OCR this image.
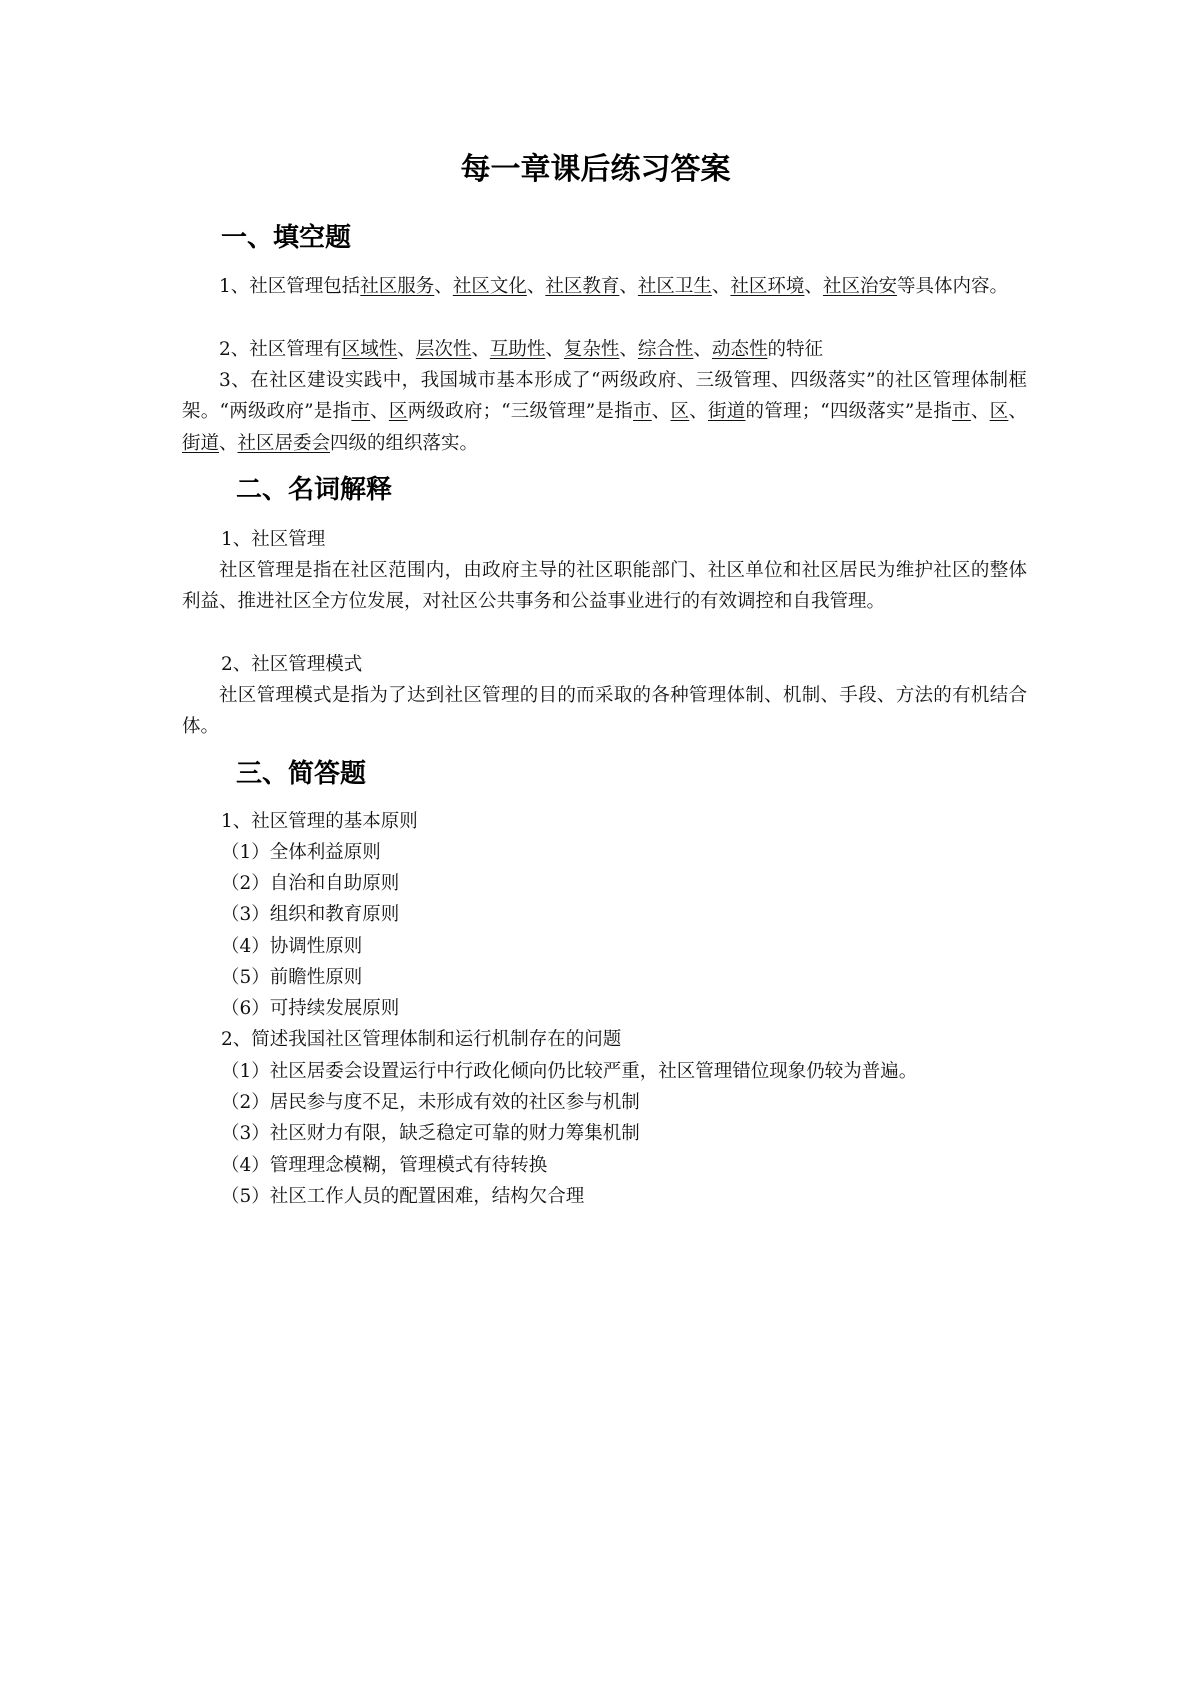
每一章课后练习答案
一、填空题
1、社区管理包括社区服务、社区文化、社区教育、社区卫生、社区环境、社区治安等具体内容。
2、社区管理有区域性、层次性、互助性、复杂性、综合性、动态性的特征
3、在社区建设实践中，我国城市基本形成了“两级政府、三级管理、四级落实”的社区管理体制框架。“两级政府”是指市、区两级政府；“三级管理”是指市、区、街道的管理；“四级落实”是指市、区、街道、社区居委会四级的组织落实。
二、名词解释
1、社区管理
社区管理是指在社区范围内，由政府主导的社区职能部门、社区单位和社区居民为维护社区的整体利益、推进社区全方位发展，对社区公共事务和公益事业进行的有效调控和自我管理。
2、社区管理模式
社区管理模式是指为了达到社区管理的目的而采取的各种管理体制、机制、手段、方法的有机结合体。
三、简答题
1、社区管理的基本原则
（1）全体利益原则
（2）自治和自助原则
（3）组织和教育原则
（4）协调性原则
（5）前瞻性原则
（6）可持续发展原则
2、简述我国社区管理体制和运行机制存在的问题
（1）社区居委会设置运行中行政化倾向仍比较严重，社区管理错位现象仍较为普遍。
（2）居民参与度不足，未形成有效的社区参与机制
（3）社区财力有限，缺乏稳定可靠的财力筹集机制
（4）管理理念模糊，管理模式有待转换
（5）社区工作人员的配置困难，结构欠合理
